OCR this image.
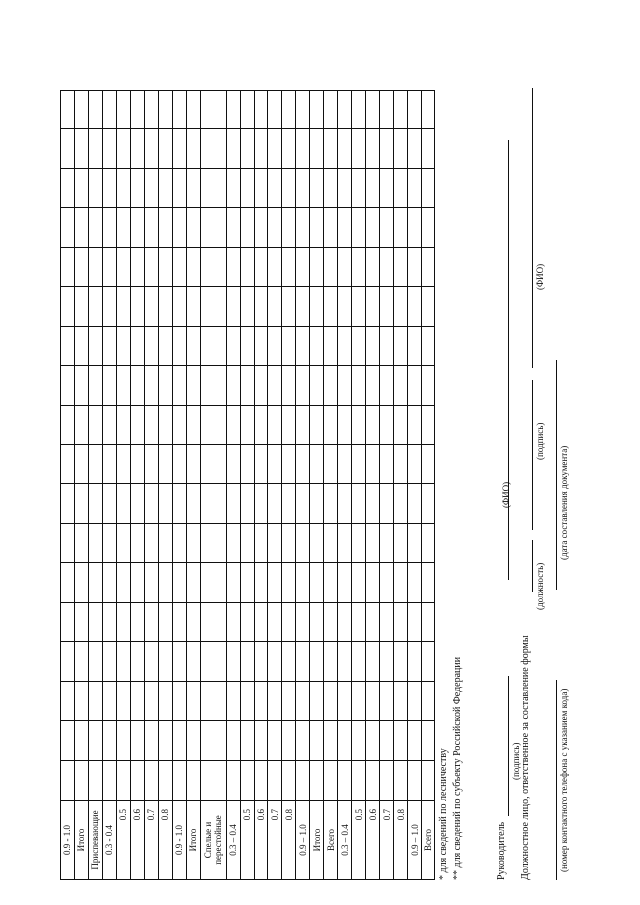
0.9 - 1.0 Итого Приспевающие 0.3 - 0.4
0.5 0.6 0.7 0.8
0.9 - 1.0 Итого Спелые и
перестойные 0.3 – 0.4
0.5 0.6 0.7 0.8
0.9 – 1.0 Итого Всего 0.3 – 0.4
0.5 0.6 0.7 0.8
0.9 – 1.0 Всего * для сведений по лесничеству ** для сведений по субъекту Российской Федерации	Руководитель
(подпись)
(ФИО)
Должностное лицо, ответственное за составление формы
(должность)
(подпись)
(ФИО)
(номер контактного телефона с указанием кода)
(дата составления документа)
